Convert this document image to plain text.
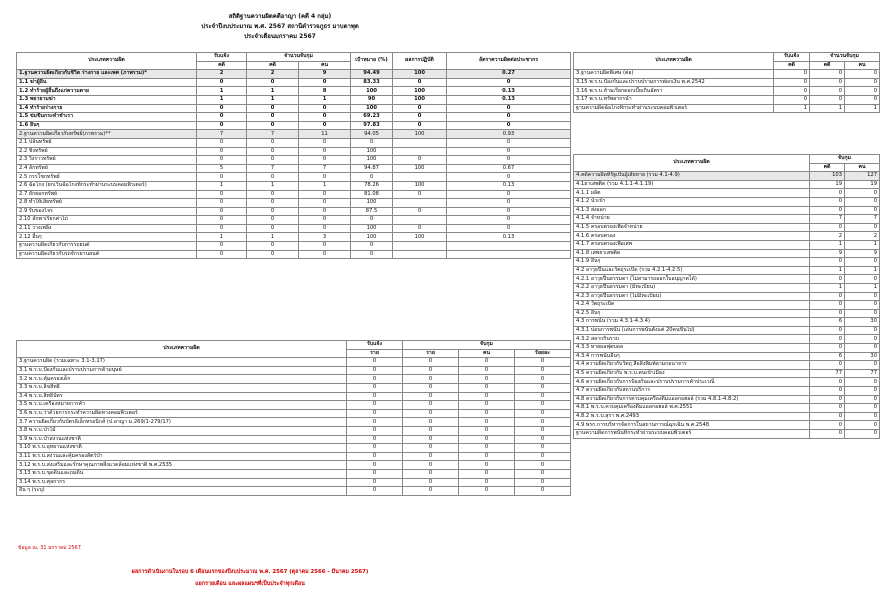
สถิติฐานความผิดคดีอาญา (คดี 4 กลุ่ม)
ประจำปีงบประมาณ พ.ศ. 2567 สถานีตำรวจภูธร มาบตาพุด
ประจำเดือนมกราคม 2567
ประเภทความผิด	รับแจ้ง	จำนวนจับกุม		เป้าหมาย (%)	ผลการปฏิบัติ	อัตราความผิดต่อประชากร
	คดี	คดี	คน			
1.ฐานความผิดเกี่ยวกับชีวิต ร่างกาย และเพศ (ภาพรวม)*	2	2	9	94.49	100	0.27
1.1 ฆ่าผู้อื่น	0	0	0	83.33	0	0
1.2 ทำร้ายผู้อื่นถึงแก่ความตาย	1	1	8	100	100	0.13
1.3 พยายามฆ่า	1	1	1	90	100	0.13
1.4 ทำร้ายร่างกาย	0	0	0	100	0	0
1.5 ข่มขืนกระทำชำเรา	0	0	0	69.23	0	0
1.6 อื่นๆ	0	0	0	97.83	0	0
2.ฐานความผิดเกี่ยวกับทรัพย์(ภาพรวม)**	7	7	11	94.05	100	0.93
2.1 ปล้นทรัพย์	0	0	0	0		0
2.2 ชิงทรัพย์	0	0	0	100		0
2.3 วิ่งราวทรัพย์	0	0	0	100	0	0
2.4 ลักทรัพย์	5	7	7	94.87	100	0.67
2.5 กรรโชกทรัพย์	0	0	0	0		0
2.6 ฉ้อโกง (ยกเว้นฉ้อโกงที่กระทำผ่านระบบคอมพิวเตอร์)	1	1	1	78.26	100	0.13
2.7 ยักยอกทรัพย์	0	0	0	81.08	0	0
2.8 ทำให้เสียทรัพย์	0	0	0	100		0
2.9 รับของโจร	0	0	0	87.5	0	0
2.10 ลักพาเรียกค่าไถ่	0	0	0	0		0
2.11 วางเพลิง	0	0	0	100	0	0
2.12 อื่นๆ	1	1	3	100	100	0.13
ฐานความผิดเกี่ยวกับการรถยนต์	0	0	0	0		
ฐานความผิดเกี่ยวกับรถจักรยานยนต์	0	0	0	0		
ประเภทความผิด	รับแจ้ง	จับกุม		
	ราย	ราย	คน	ร้อยละ
3.ฐานความผิด (รวมเฉพาะ 3.1-3.17)	0	0	0	0
3.1 พ.ร.บ.ป้องกันและปราบปรามการค้ามนุษย์	0	0	0	0
3.2 พ.ร.บ.คุ้มครองเด็ก	0	0	0	0
3.3 พ.ร.บ.ลิขสิทธิ์	0	0	0	0
3.4 พ.ร.บ.สิทธิบัตร	0	0	0	0
3.5 พ.ร.บ.เครื่องหมายการค้า	0	0	0	0
3.6 พ.ร.บ.ว่าด้วยการกระทำความผิดทางคอมพิวเตอร์	0	0	0	0
3.7 ความผิดเกี่ยวกับบัตรอิเล็กทรอนิกส์ (ป.อาญา ม.269/1-279/17)	0	0	0	0
3.8 พ.ร.บ.ป่าไม้	0	0	0	0
3.9 พ.ร.บ.ป่าสงวนแห่งชาติ	0	0	0	0
3.10 พ.ร.บ.อุทยานแห่งชาติ	0	0	0	0
3.11 พ.ร.บ.สงวนและคุ้มครองสัตว์ป่า	0	0	0	0
3.12 พ.ร.บ.ส่งเสริมและรักษาคุณภาพสิ่งแวดล้อมแห่งชาติ พ.ศ.2535	0	0	0	0
3.13 พ.ร.บ.ขุดดินและถมดิน	0	0	0	0
3.14 พ.ร.บ.ศุลกากร	0	0	0	0
อื่น ๆ (ระบุ)	0	0	0	0
ประเภทความผิด	รับแจ้ง	จำนวนจับกุม	
	คดี	คดี	คน
3.ฐานความผิดพิเศษ (ต่อ)	0	0	0
3.15 พ.ร.บ.ป้องกันและปราบปรามการฟอกเงิน พ.ศ.2542	0	0	0
3.16 พ.ร.บ.ห้ามเรียกดอกเบี้ยเกินอัตรา	0	0	0
3.17 พ.ร.บ.ทรัพยากรน้ำ	0	0	0
ฐานความผิดฉ้อโกงที่กระทำผ่านระบบคอมพิวเตอร์	1	1	1
ประเภทความผิด	จับกุม	
	คดี	คน
4.คดีความผิดที่รัฐเป็นผู้เสียหาย (รวม 4.1-4.9)	103	127
4.1ยาเสพติด (รวม 4.1.1-4.1.19)	19	19
4.1.1 ผลิต	0	0
4.1.2 นำเข้า	0	0
4.1.3 ส่งออก	0	0
4.1.4 จำหน่าย	7	7
4.1.5 ครอบครองเพื่อจำหน่าย	0	0
4.1.6 ครอบครอง	2	2
4.1.7 ครอบครองเพื่อเสพ	1	1
4.1.8 เสพยาเสพติด	9	9
4.1.9 อื่นๆ	0	0
4.2 อาวุธปืนและวัตถุระเบิด (รวม 4.2.1-4.2.5)	1	1
4.2.1 อาวุธปืนธรรมดา (ไม่สามารถออกใบอนุญาตได้)	0	0
4.2.2 อาวุธปืนธรรมดา (มีทะเบียน)	1	1
4.2.3 อาวุธปืนธรรมดา (ไม่มีทะเบียน)	0	0
4.2.4 วัตถุระเบิด	0	0
4.2.5 อื่นๆ	0	0
4.3 การพนัน (รวม 4.3.1-4.3.4)	6	30
4.3.1 บ่อนการพนัน (เล่นการพนันตั้งแต่ 20คนขึ้นไป)	0	0
4.3.2 สลากกินรวบ	0	0
4.3.3 ทายผลฟุตบอล	0	0
4.3.4 การพนันอื่นๆ	6	30
4.4 ความผิดเกี่ยวกับวัตถุ สื่อสิ่งพิมพ์ลามกอนาจาร	0	0
4.5 ความผิดเกี่ยวกับ พ.ร.บ.คนเข้าเมือง	77	77
4.6 ความผิดเกี่ยวกับการป้องกันและปราบปรามการค้าประเวณี	0	0
4.7 ความผิดเกี่ยวกับสถานบริการ	0	0
4.8 ความผิดเกี่ยวกับการควบคุมเครื่องดื่มแอลกอฮอล์ (รวม 4.8.1-4.8.2)	0	0
4.8.1 พ.ร.บ.ควบคุมเครื่องดื่มแอลกอฮอล์ พ.ศ.2551	0	0
4.8.2 พ.ร.บ.สุรา พ.ศ.2493	0	0
4.9 พรก.การบริหารจัดการในสถานการณ์ฉุกเฉิน พ.ศ.2548	0	0
ฐานความผิดการพนันที่กระทำผ่านระบบคอมพิวเตอร์	0	0
ข้อมูล ณ. 31 มกราคม 2567
ผลการดำเนินงานในรอบ 6 เดือนแรกของปีงบประมาณ พ.ศ. 2567 (ตุลาคม 2566 - มีนาคม 2567)
แยกรายเดือน และผลแผนฯที่เป็นประจำทุกเดือน
